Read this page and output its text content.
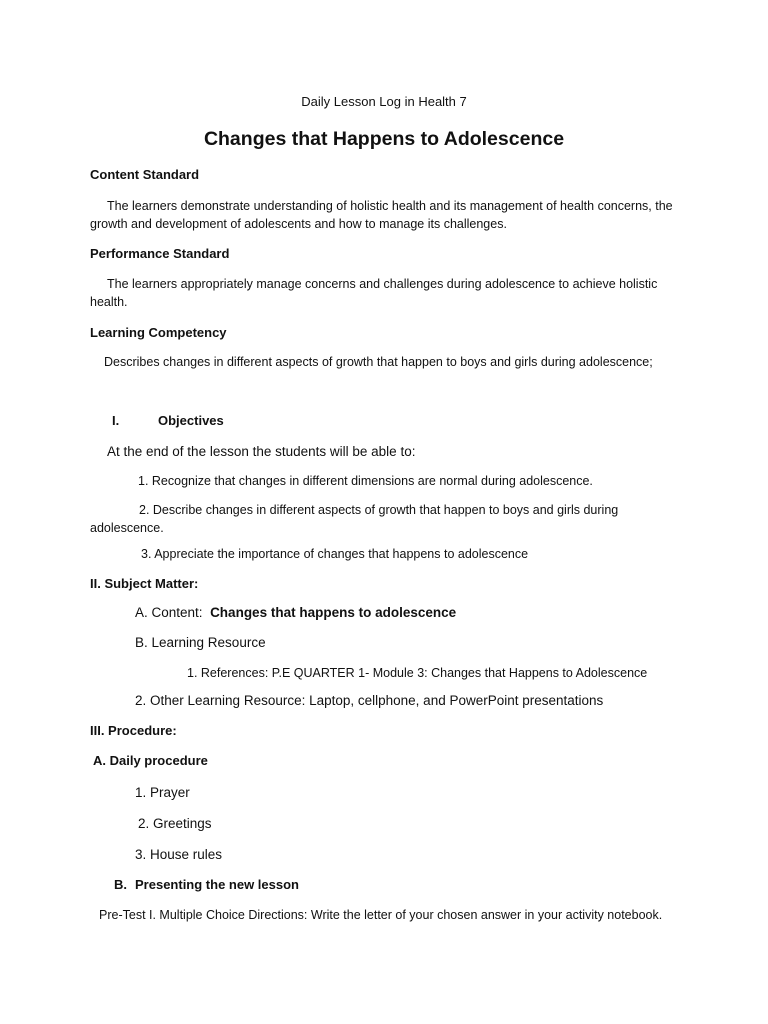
Daily Lesson Log in Health 7

Changes that Happens to Adolescence
Content Standard

The learners demonstrate understanding of holistic health and its management of health concerns, the growth and development of adolescents and how to manage its challenges.

Performance Standard

The learners appropriately manage concerns and challenges during adolescence to achieve holistic health.

Learning Competency

Describes changes in different aspects of growth that happen to boys and girls during adolescence;

I.	Objectives

At the end of the lesson the students will be able to:

1. Recognize that changes in different dimensions are normal during adolescence.

2. Describe changes in different aspects of growth that happen to boys and girls during adolescence.

3. Appreciate the importance of changes that happens to adolescence

II. Subject Matter:

A. Content: Changes that happens to adolescence

B. Learning Resource

1. References: P.E QUARTER 1- Module 3: Changes that Happens to Adolescence

2. Other Learning Resource: Laptop, cellphone, and PowerPoint presentations

III. Procedure:
A. Daily procedure

1. Prayer

2. Greetings

3. House rules

B. Presenting the new lesson

Pre-Test I. Multiple Choice Directions: Write the letter of your chosen answer in your activity notebook.
